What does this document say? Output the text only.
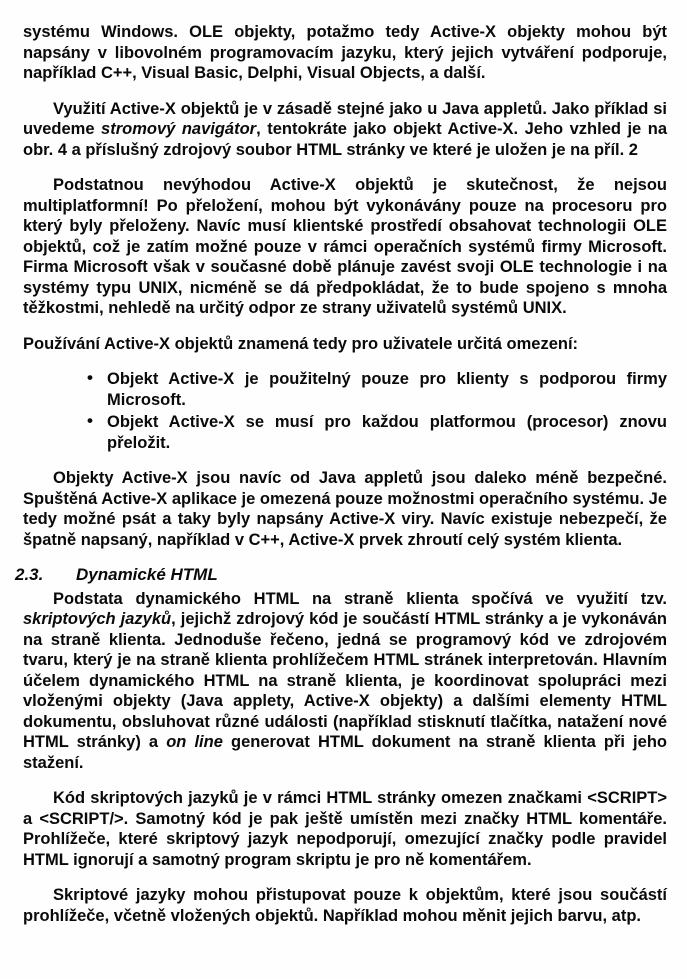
systému Windows. OLE objekty, potažmo tedy Active-X objekty mohou být napsány v libovolném programovacím jazyku, který jejich vytváření podporuje, například C++, Visual Basic, Delphi, Visual Objects, a další.

Využití Active-X objektů je v zásadě stejné jako u Java appletů. Jako příklad si uvedeme stromový navigátor, tentokráte jako objekt Active-X. Jeho vzhled je na obr. 4 a příslušný zdrojový soubor HTML stránky ve které je uložen je na příl. 2

Podstatnou nevýhodou Active-X objektů je skutečnost, že nejsou multiplatformní! Po přeložení, mohou být vykonávány pouze na procesoru pro který byly přeloženy. Navíc musí klientské prostředí obsahovat technologii OLE objektů, což je zatím možné pouze v rámci operačních systémů firmy Microsoft. Firma Microsoft však v současné době plánuje zavést svoji OLE technologie i na systémy typu UNIX, nicméně se dá předpokládat, že to bude spojeno s mnoha těžkostmi, nehledě na určitý odpor ze strany uživatelů systémů UNIX.

Používání Active-X objektů znamená tedy pro uživatele určitá omezení:

• Objekt Active-X je použitelný pouze pro klienty s podporou firmy Microsoft.
• Objekt Active-X se musí pro každou platformou (procesor) znovu přeložit.

Objekty Active-X jsou navíc od Java appletů jsou daleko méně bezpečné. Spuštěná Active-X aplikace je omezená pouze možnostmi operačního systému. Je tedy možné psát a taky byly napsány Active-X viry. Navíc existuje nebezpečí, že špatně napsaný, například v C++, Active-X prvek zhroutí celý systém klienta.

2.3. Dynamické HTML

Podstata dynamického HTML na straně klienta spočívá ve využití tzv. skriptových jazyků, jejichž zdrojový kód je součástí HTML stránky a je vykonáván na straně klienta. Jednoduše řečeno, jedná se programový kód ve zdrojovém tvaru, který je na straně klienta prohlížečem HTML stránek interpretován. Hlavním účelem dynamického HTML na straně klienta, je koordinovat spolupráci mezi vloženými objekty (Java applety, Active-X objekty) a dalšími elementy HTML dokumentu, obsluhovat různé události (například stisknutí tlačítka, natažení nové HTML stránky) a on line generovat HTML dokument na straně klienta při jeho stažení.

Kód skriptových jazyků je v rámci HTML stránky omezen značkami <SCRIPT> a <SCRIPT/>. Samotný kód je pak ještě umístěn mezi značky HTML komentáře. Prohlížeče, které skriptový jazyk nepodporují, omezující značky podle pravidel HTML ignorují a samotný program skriptu je pro ně komentářem.

Skriptové jazyky mohou přistupovat pouze k objektům, které jsou součástí prohlížeče, včetně vložených objektů. Například mohou měnit jejich barvu, atp.
